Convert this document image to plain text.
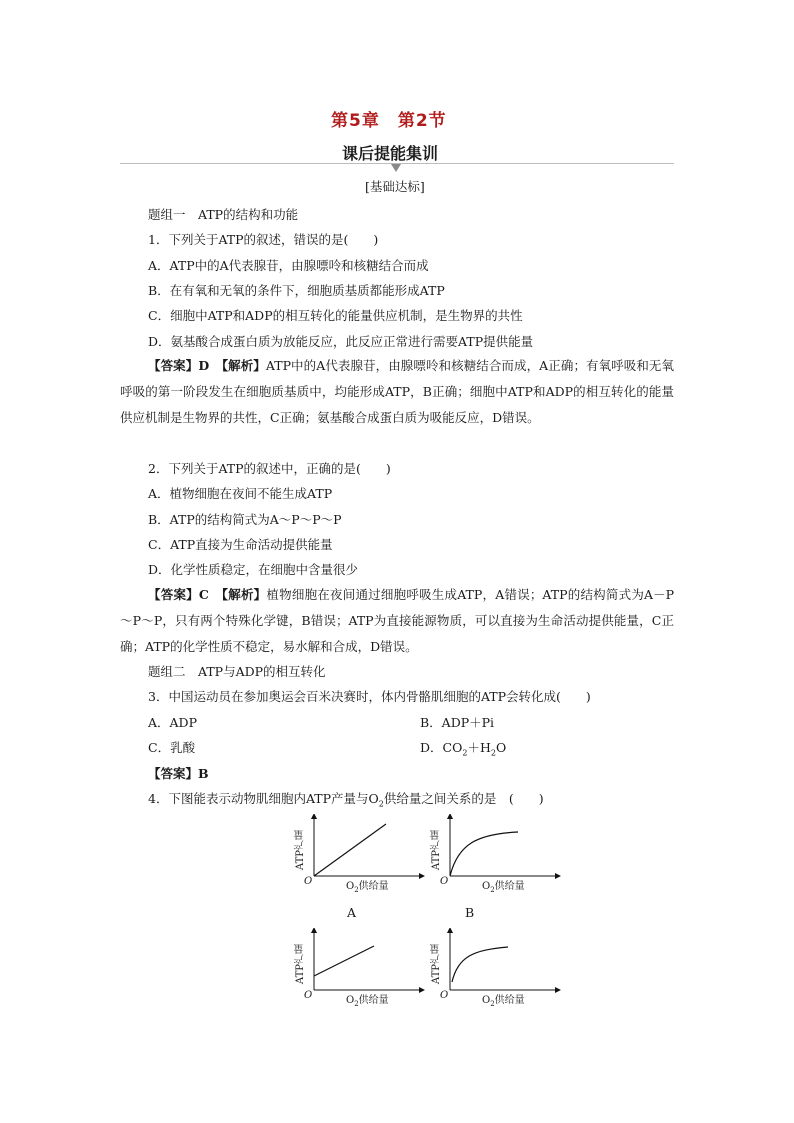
第5章　第2节
课后提能集训
[基础达标]
题组一　ATP的结构和功能
1．下列关于ATP的叙述，错误的是(　　)
A．ATP中的A代表腺苷，由腺嘌呤和核糖结合而成
B．在有氧和无氧的条件下，细胞质基质都能形成ATP
C．细胞中ATP和ADP的相互转化的能量供应机制，是生物界的共性
D．氨基酸合成蛋白质为放能反应，此反应正常进行需要ATP提供能量
【答案】D　【解析】ATP中的A代表腺苷，由腺嘌呤和核糖结合而成，A正确；有氧呼吸和无氧呼吸的第一阶段发生在细胞质基质中，均能形成ATP，B正确；细胞中ATP和ADP的相互转化的能量供应机制是生物界的共性，C正确；氨基酸合成蛋白质为吸能反应，D错误。
2．下列关于ATP的叙述中，正确的是(　　)
A．植物细胞在夜间不能生成ATP
B．ATP的结构简式为A～P～P～P
C．ATP直接为生命活动提供能量
D．化学性质稳定，在细胞中含量很少
【答案】C　【解析】植物细胞在夜间通过细胞呼吸生成ATP，A错误；ATP的结构简式为A－P～P～P，只有两个特殊化学键，B错误；ATP为直接能源物质，可以直接为生命活动提供能量，C正确；ATP的化学性质不稳定，易水解和合成，D错误。
题组二　ATP与ADP的相互转化
3．中国运动员在参加奥运会百米决赛时，体内骨骼肌细胞的ATP会转化成(　　)
A．ADP	B．ADP＋Pi
C．乳酸	D．$CO_2+H_2O$
【答案】B
4．下图能表示动物肌细胞内ATP产量与$O_2$供给量之间关系的是　(　　)
ATP产量
O	$O_2$供给量
A
ATP产量
O	$O_2$供给量
B
ATP产量
O	$O_2$供给量
ATP产量
O	$O_2$供给量
